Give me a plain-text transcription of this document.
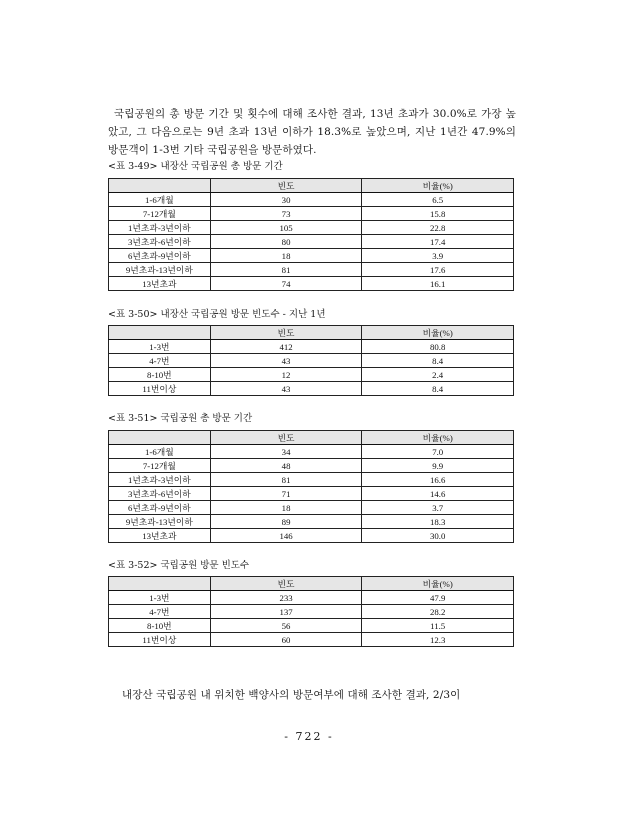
국립공원의 총 방문 기간 및 횟수에 대해 조사한 결과, 13년 초과가 30.0%로 가장 높았고, 그 다음으로는 9년 초과 13년 이하가 18.3%로 높았으며, 지난 1년간 47.9%의 방문객이 1-3번 기타 국립공원을 방문하였다.

<표 3-49> 내장산 국립공원 총 방문 기간
	빈도	비율(%)
1-6개월	30	6.5
7-12개월	73	15.8
1년초과-3년이하	105	22.8
3년초과-6년이하	80	17.4
6년초과-9년이하	18	3.9
9년초과-13년이하	81	17.6
13년초과	74	16.1
<표 3-50> 내장산 국립공원 방문 빈도수 - 지난 1년
	빈도	비율(%)
1-3번	412	80.8
4-7번	43	8.4
8-10번	12	2.4
11번이상	43	8.4
<표 3-51> 국립공원 총 방문 기간
	빈도	비율(%)
1-6개월	34	7.0
7-12개월	48	9.9
1년초과-3년이하	81	16.6
3년초과-6년이하	71	14.6
6년초과-9년이하	18	3.7
9년초과-13년이하	89	18.3
13년초과	146	30.0
<표 3-52> 국립공원 방문 빈도수
	빈도	비율(%)
1-3번	233	47.9
4-7번	137	28.2
8-10번	56	11.5
11번이상	60	12.3

내장산 국립공원 내 위치한 백양사의 방문여부에 대해 조사한 결과, 2/3이

- 722 -
